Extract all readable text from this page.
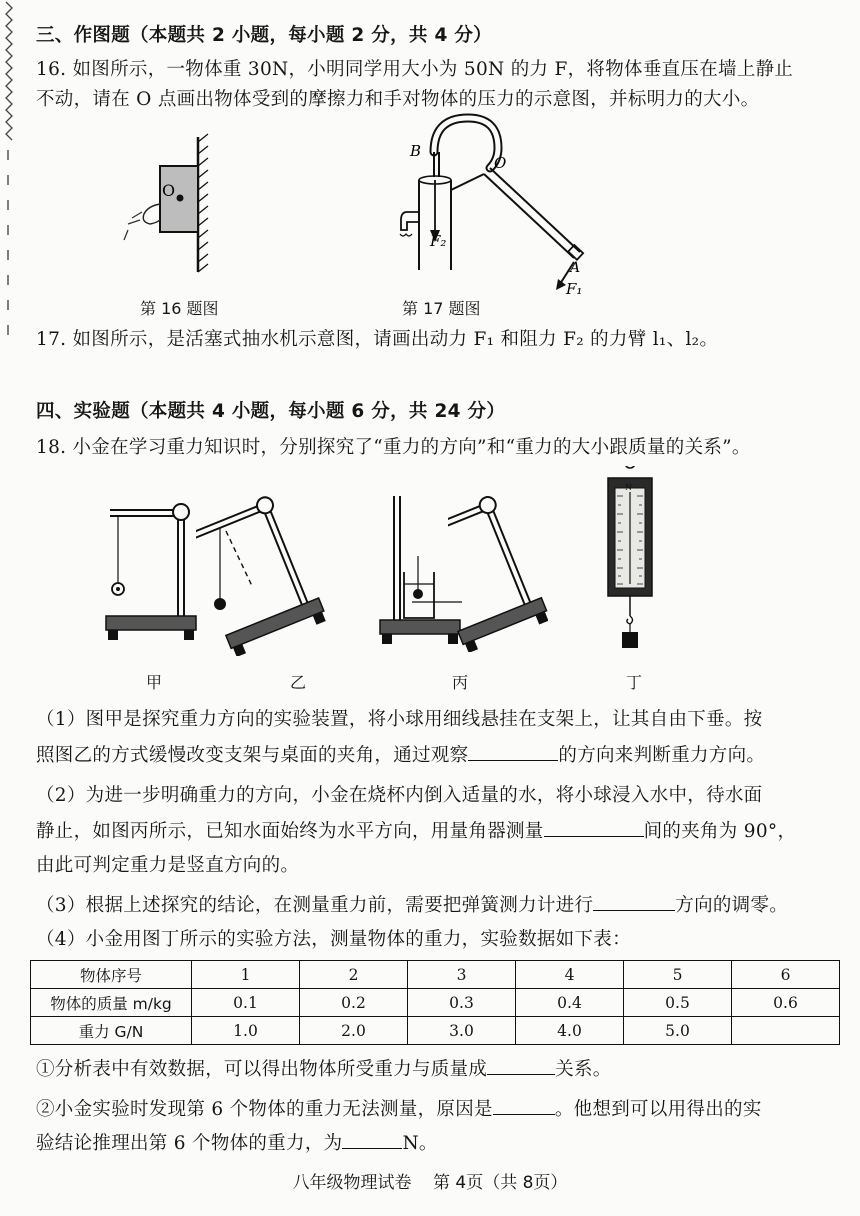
三、作图题（本题共 2 小题，每小题 2 分，共 4 分）
16. 如图所示，一物体重 30N，小明同学用大小为 50N 的力 F，将物体垂直压在墙上静止
不动，请在 O 点画出物体受到的摩擦力和手对物体的压力的示意图，并标明力的大小。
O
第 16 题图
B
O
F₂
A
F₁
第 17 题图
17. 如图所示，是活塞式抽水机示意图，请画出动力 F₁ 和阻力 F₂ 的力臂 l₁、l₂。
四、实验题（本题共 4 小题，每小题 6 分，共 24 分）
18. 小金在学习重力知识时，分别探究了“重力的方向”和“重力的大小跟质量的关系”。
N
甲	乙	丙	丁
（1）图甲是探究重力方向的实验装置，将小球用细线悬挂在支架上，让其自由下垂。按
照图乙的方式缓慢改变支架与桌面的夹角，通过观察	的方向来判断重力方向。
（2）为进一步明确重力的方向，小金在烧杯内倒入适量的水，将小球浸入水中，待水面
静止，如图丙所示，已知水面始终为水平方向，用量角器测量	间的夹角为 90°，
由此可判定重力是竖直方向的。
（3）根据上述探究的结论，在测量重力前，需要把弹簧测力计进行	方向的调零。
（4）小金用图丁所示的实验方法，测量物体的重力，实验数据如下表：
物体序号	1	2	3	4	5	6
物体的质量 m/kg	0.1	0.2	0.3	0.4	0.5	0.6
重力 G/N	1.0	2.0	3.0	4.0	5.0	
①分析表中有效数据，可以得出物体所受重力与质量成	关系。
②小金实验时发现第 6 个物体的重力无法测量，原因是	。他想到可以用得出的实
验结论推理出第 6 个物体的重力，为	N。
八年级物理试卷 第 4页（共 8页）
